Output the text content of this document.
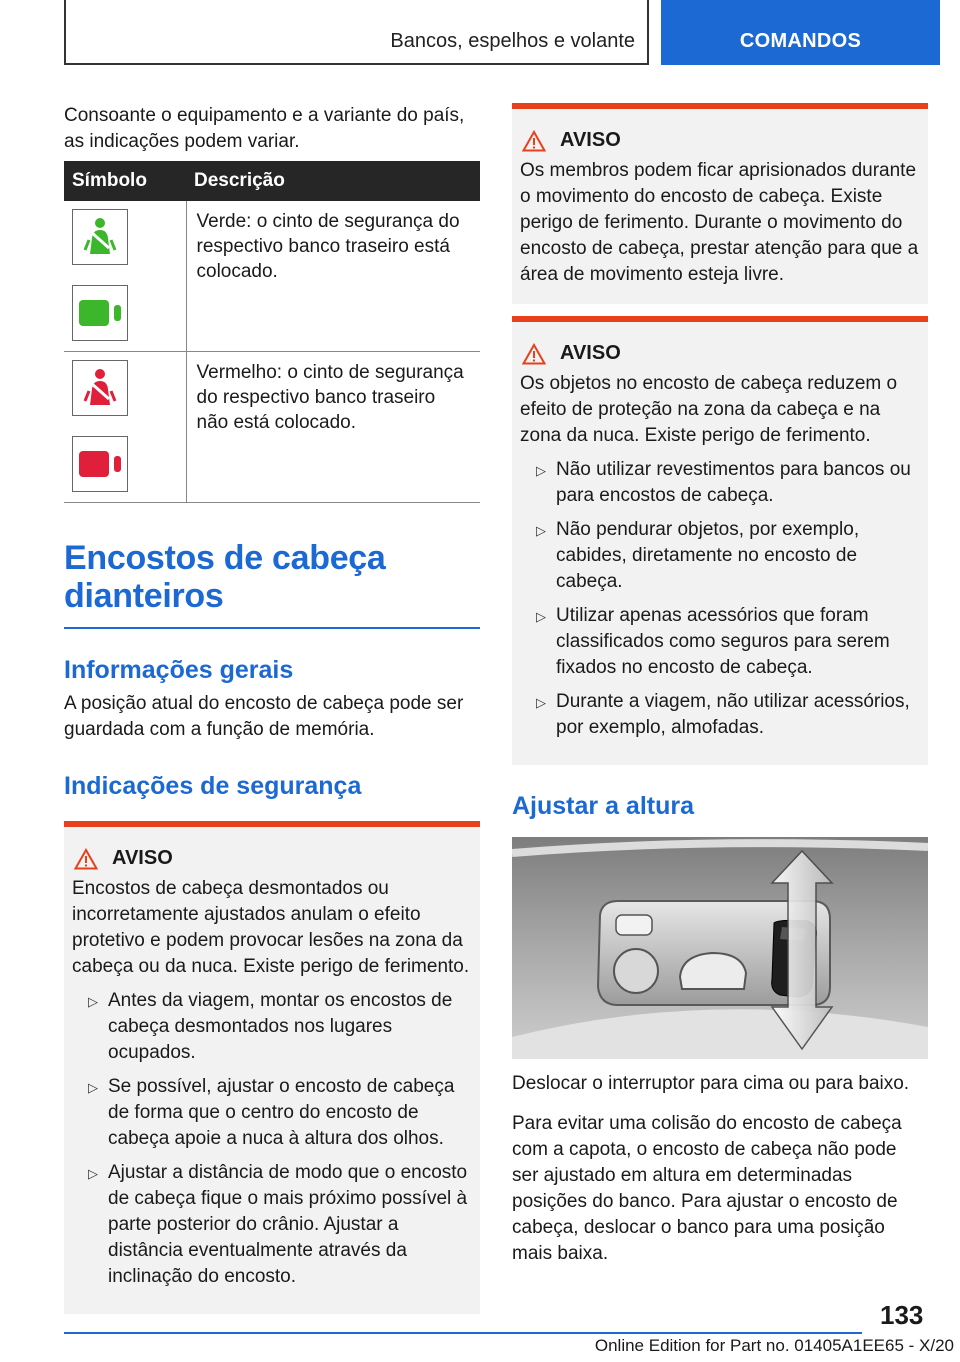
Bancos, espelhos e volante	COMANDOS

Consoante o equipamento e a variante do país, as indicações podem variar.

Símbolo	Descrição

	Verde: o cinto de segurança do respectivo banco traseiro está colocado.

	Vermelho: o cinto de segurança do respectivo banco traseiro não está colocado.
Encostos de cabeça dianteiros
Informações gerais

A posição atual do encosto de cabeça pode ser guardada com a função de memória.

Indicações de segurança
AVISO

Encostos de cabeça desmontados ou incorretamente ajustados anulam o efeito protetivo e podem provocar lesões na zona da cabeça ou da nuca. Existe perigo de ferimento.

▷ Antes da viagem, montar os encostos de cabeça desmontados nos lugares ocupados.
▷ Se possível, ajustar o encosto de cabeça de forma que o centro do encosto de cabeça apoie a nuca à altura dos olhos.
▷ Ajustar a distância de modo que o encosto de cabeça fique o mais próximo possível à parte posterior do crânio. Ajustar a distância eventualmente através da inclinação do encosto.
AVISO

Os membros podem ficar aprisionados durante o movimento do encosto de cabeça. Existe perigo de ferimento. Durante o movimento do encosto de cabeça, prestar atenção para que a área de movimento esteja livre.

AVISO

Os objetos no encosto de cabeça reduzem o efeito de proteção na zona da cabeça e na zona da nuca. Existe perigo de ferimento.

▷ Não utilizar revestimentos para bancos ou para encostos de cabeça.
▷ Não pendurar objetos, por exemplo, cabides, diretamente no encosto de cabeça.
▷ Utilizar apenas acessórios que foram classificados como seguros para serem fixados no encosto de cabeça.
▷ Durante a viagem, não utilizar acessórios, por exemplo, almofadas.
Ajustar a altura

Deslocar o interruptor para cima ou para baixo.

Para evitar uma colisão do encosto de cabeça com a capota, o encosto de cabeça não pode ser ajustado em altura em determinadas posições do banco. Para ajustar o encosto de cabeça, deslocar o banco para uma posição mais baixa.

133
Online Edition for Part no. 01405A1EE65 - X/20
